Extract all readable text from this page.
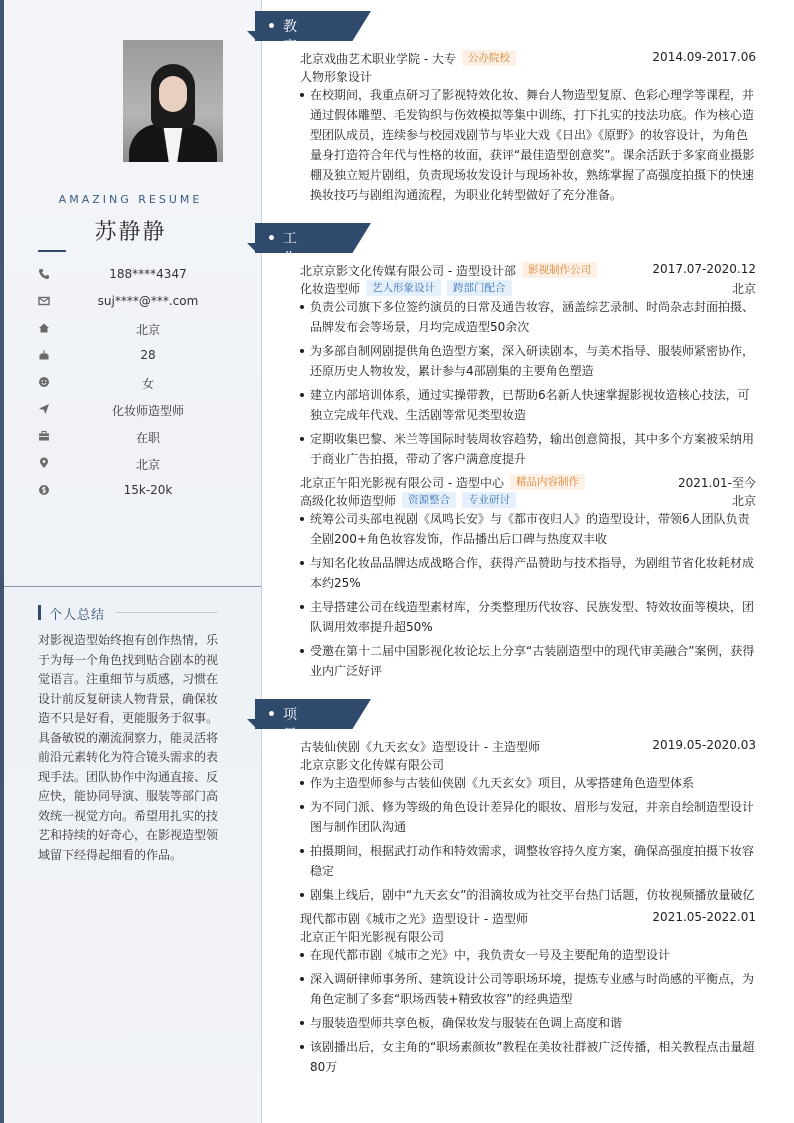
AMAZING RESUME
苏静静
188****4347
suj****@***.com
北京
28
女
化妆师造型师
在职
北京
15k-20k
个人总结
对影视造型始终抱有创作热情，乐于为每一个角色找到贴合剧本的视觉语言。注重细节与质感，习惯在设计前反复研读人物背景，确保妆造不只是好看，更能服务于叙事。具备敏锐的潮流洞察力，能灵活将前沿元素转化为符合镜头需求的表现手法。团队协作中沟通直接、反应快，能协同导演、服装等部门高效统一视觉方向。希望用扎实的技艺和持续的好奇心，在影视造型领域留下经得起细看的作品。
教育经历
北京戏曲艺术职业学院 - 大专 公办院校	2014.09-2017.06
人物形象设计
在校期间，我重点研习了影视特效化妆、舞台人物造型复原、色彩心理学等课程，并通过假体雕塑、毛发钩织与伤效模拟等集中训练，打下扎实的技法功底。作为核心造型团队成员，连续参与校园戏剧节与毕业大戏《日出》《原野》的妆容设计，为角色量身打造符合年代与性格的妆面，获评“最佳造型创意奖”。课余活跃于多家商业摄影棚及独立短片剧组，负责现场妆发设计与现场补妆，熟练掌握了高强度拍摄下的快速换妆技巧与剧组沟通流程，为职业化转型做好了充分准备。
工作经历
北京京影文化传媒有限公司 - 造型设计部 影视制作公司	2017.07-2020.12
化妆造型师 艺人形象设计 跨部门配合	北京
负责公司旗下多位签约演员的日常及通告妆容，涵盖综艺录制、时尚杂志封面拍摄、品牌发布会等场景，月均完成造型50余次
为多部自制网剧提供角色造型方案，深入研读剧本，与美术指导、服装师紧密协作，还原历史人物妆发，累计参与4部剧集的主要角色塑造
建立内部培训体系，通过实操带教，已帮助6名新人快速掌握影视妆造核心技法，可独立完成年代戏、生活剧等常见类型妆造
定期收集巴黎、米兰等国际时装周妆容趋势，输出创意简报，其中多个方案被采纳用于商业广告拍摄，带动了客户满意度提升
北京正午阳光影视有限公司 - 造型中心 精品内容制作	2021.01-至今
高级化妆师造型师 资源整合 专业研讨	北京
统筹公司头部电视剧《凤鸣长安》与《都市夜归人》的造型设计，带领6人团队负责全剧200+角色妆容发饰，作品播出后口碑与热度双丰收
与知名化妆品品牌达成战略合作，获得产品赞助与技术指导，为剧组节省化妆耗材成本约25%
主导搭建公司在线造型素材库，分类整理历代妆容、民族发型、特效妆面等模块，团队调用效率提升超50%
受邀在第十二届中国影视化妆论坛上分享“古装剧造型中的现代审美融合”案例，获得业内广泛好评
项目经历
古装仙侠剧《九天玄女》造型设计 - 主造型师	2019.05-2020.03
北京京影文化传媒有限公司
作为主造型师参与古装仙侠剧《九天玄女》项目，从零搭建角色造型体系
为不同门派、修为等级的角色设计差异化的眼妆、眉形与发冠，并亲自绘制造型设计图与制作团队沟通
拍摄期间，根据武打动作和特效需求，调整妆容持久度方案，确保高强度拍摄下妆容稳定
剧集上线后，剧中“九天玄女”的泪滴妆成为社交平台热门话题，仿妆视频播放量破亿
现代都市剧《城市之光》造型设计 - 造型师	2021.05-2022.01
北京正午阳光影视有限公司
在现代都市剧《城市之光》中，我负责女一号及主要配角的造型设计
深入调研律师事务所、建筑设计公司等职场环境，提炼专业感与时尚感的平衡点，为角色定制了多套“职场西装+精致妆容”的经典造型
与服装造型师共享色板，确保妆发与服装在色调上高度和谐
该剧播出后，女主角的“职场素颜妆”教程在美妆社群被广泛传播，相关教程点击量超80万
